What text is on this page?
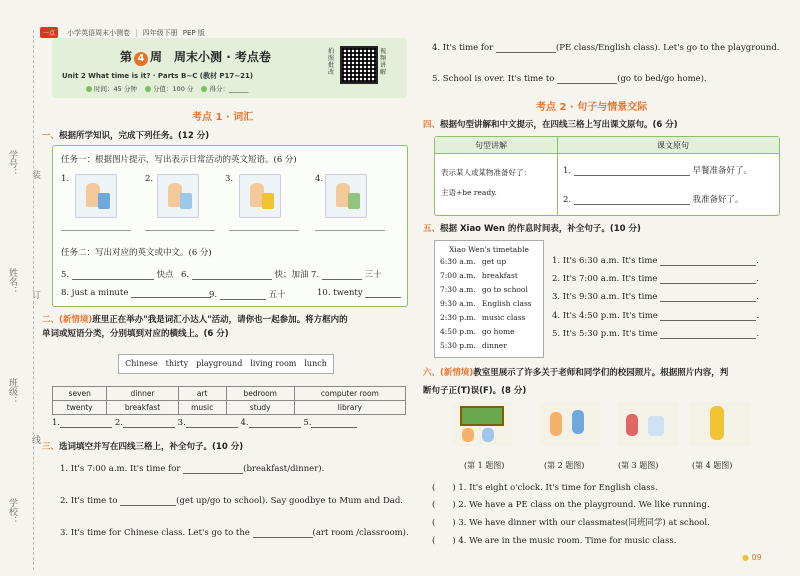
学号：
姓名：
班级：
学校：
装
订
线
一点 小学英语周末小测卷 | 四年级下册 PEP 版
第 4 周　周末小测 · 考点卷
Unit 2 What time is it? · Parts B~C (教材 P17~21)
时间：45 分钟 分值：100 分 得分：______
拍照批改
视频讲解
考点 1 · 词汇
一、根据所学知识，完成下列任务。(12 分)
任务一：根据图片提示，写出表示日常活动的英文短语。(6 分)
1.	2.	3.	4.
任务二：写出对应的英文或中文。(6 分)
5.	快点 6.	快；加油 7.	三十
8. just a minute	9.	五十	10. twenty
二、(新情境)班里正在举办"我是词汇小达人"活动，请你也一起参加。将方框内的
单词或短语分类，分别填到对应的横线上。(6 分)
Chinese　thirty　playground　living room　lunch
seven	dinner	art	bedroom	computer room
twenty	breakfast	music	study	library
1.	2.	3.	4.	5.
三、选词填空并写在四线三格上，补全句子。(10 分)
1. It's 7:00 a.m. It's time for	(breakfast/dinner).
2. It's time to	(get up/go to school). Say goodbye to Mum and Dad.
3. It's time for Chinese class. Let's go to the	(art room /classroom).
4. It's time for	(PE class/English class). Let's go to the playground.
5. School is over. It's time to	(go to bed/go home).
考点 2 · 句子与情景交际
四、根据句型讲解和中文提示，在四线三格上写出课文原句。(6 分)
句型讲解	课文原句
表示某人或某物准备好了：
主语+be ready.
1.	早餐准备好了。
2.	我准备好了。
五、根据 Xiao Wen 的作息时间表，补全句子。(10 分)
Xiao Wen's timetable
6:30 a.m.	get up
7:00 a.m.	breakfast
7:30 a.m.	go to school
9:30 a.m.	English class
2:30 p.m.	music class
4:50 p.m.	go home
5:30 p.m.	dinner
1. It's 6:30 a.m. It's time	.
2. It's 7:00 a.m. It's time	.
3. It's 9:30 a.m. It's time	.
4. It's 4:50 p.m. It's time	.
5. It's 5:30 p.m. It's time	.
六、(新情境)教室里展示了许多关于老师和同学们的校园照片。根据照片内容，判
断句子正(T)误(F)。(8 分)
(第 1 题图)	(第 2 题图)	(第 3 题图)	(第 4 题图)
(　　) 1. It's eight o'clock. It's time for English class.
(　　) 2. We have a PE class on the playground. We like running.
(　　) 3. We have dinner with our classmates(同班同学) at school.
(　　) 4. We are in the music room. Time for music class.
● 09
